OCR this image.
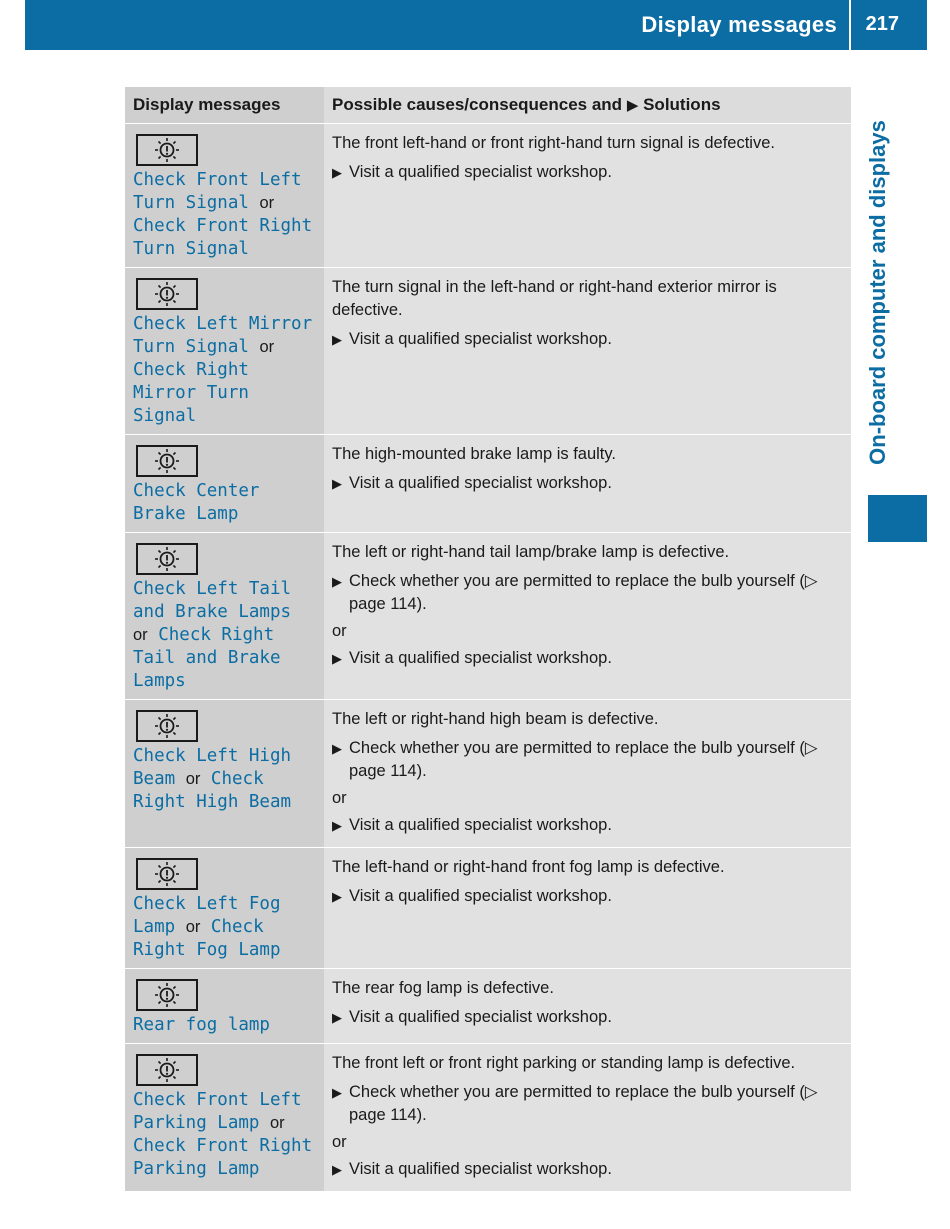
Display messages 217
On-board computer and displays
Display messages	Possible causes/consequences and ▶ Solutions
Check Front Left Turn Signal or Check Front Right Turn Signal
The front left-hand or front right-hand turn signal is defective.
▶ Visit a qualified specialist workshop.
Check Left Mirror Turn Signal or Check Right Mirror Turn Signal
The turn signal in the left-hand or right-hand exterior mirror is defective.
▶ Visit a qualified specialist workshop.
Check Center Brake Lamp
The high-mounted brake lamp is faulty.
▶ Visit a qualified specialist workshop.
Check Left Tail and Brake Lamps or Check Right Tail and Brake Lamps
The left or right-hand tail lamp/brake lamp is defective.
▶ Check whether you are permitted to replace the bulb yourself (▷ page 114).
or
▶ Visit a qualified specialist workshop.
Check Left High Beam or Check Right High Beam
The left or right-hand high beam is defective.
▶ Check whether you are permitted to replace the bulb yourself (▷ page 114).
or
▶ Visit a qualified specialist workshop.
Check Left Fog Lamp or Check Right Fog Lamp
The left-hand or right-hand front fog lamp is defective.
▶ Visit a qualified specialist workshop.
Rear fog lamp
The rear fog lamp is defective.
▶ Visit a qualified specialist workshop.
Check Front Left Parking Lamp or Check Front Right Parking Lamp
The front left or front right parking or standing lamp is defective.
▶ Check whether you are permitted to replace the bulb yourself (▷ page 114).
or
▶ Visit a qualified specialist workshop.
